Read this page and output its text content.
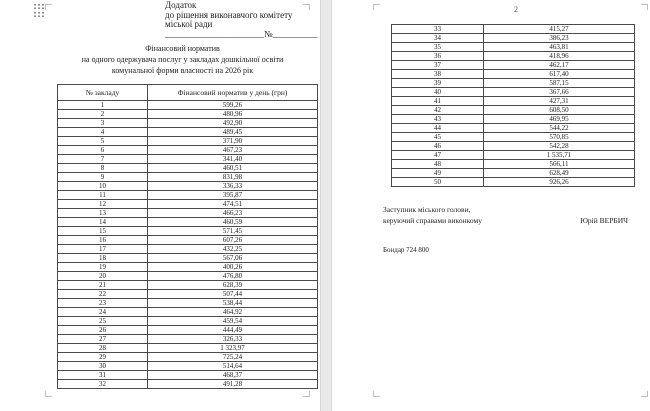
Додаток
до рішення виконавчого комітету
міської ради
______________________№__________
Фінансовий норматив
на одного одержувача послуг у закладах дошкільної освіти
комунальної форми власності на 2026 рік
№ закладу	Фінансовий норматив у день (грн)
1	599,26
2	480,96
3	492,90
4	489,45
5	371,90
6	467,23
7	341,40
8	460,51
9	831,98
10	336,33
11	395,87
12	474,51
13	466,23
14	460,59
15	571,45
16	607,26
17	432,25
18	567,06
19	400,26
20	476,80
21	628,39
22	507,44
23	538,44
24	464,92
25	459,54
26	444,49
27	326,33
28	1 323,97
29	725,24
30	514,64
31	468,37
32	491,28
2
33	415,27
34	386,23
35	463,81
36	418,96
37	462,17
38	617,40
39	587,15
40	367,66
41	427,31
42	608,50
43	469,95
44	544,22
45	570,85
46	542,28
47	1 535,71
48	566,11
49	628,49
50	926,26
Заступник міського голови,
керуючий справами виконкому	Юрій ВЕРБИЧ
Бондар 724 800
